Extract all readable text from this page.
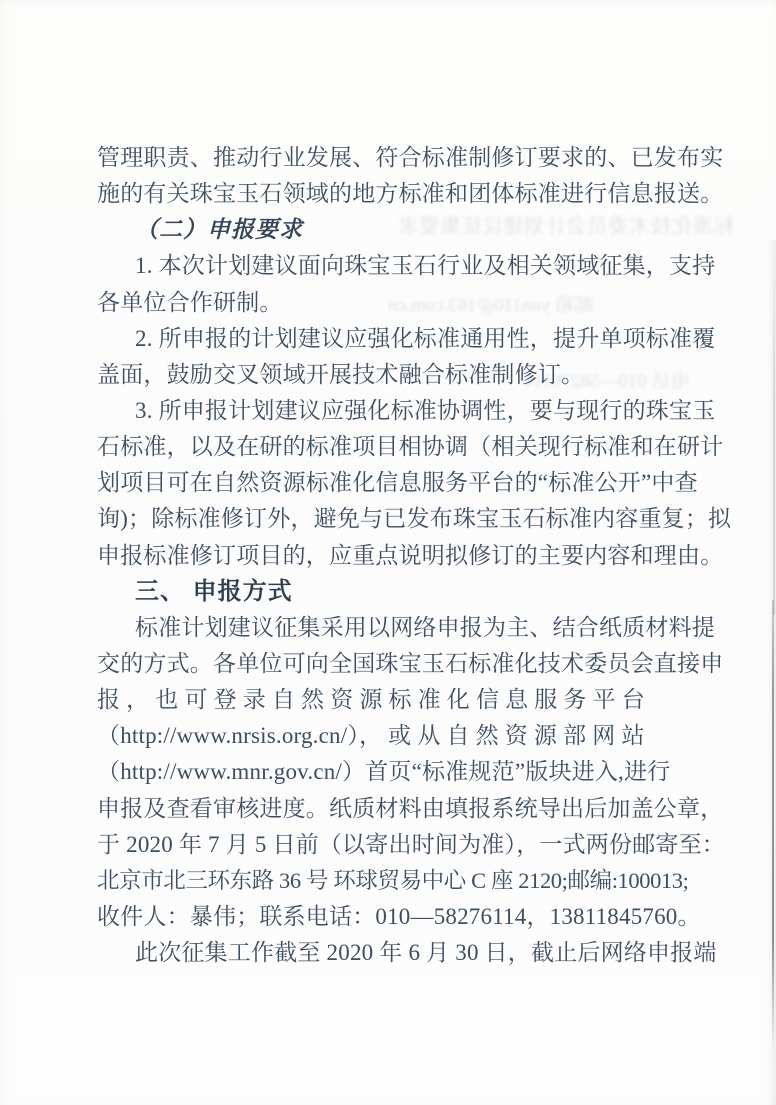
标准化技术委员会计划建议征集要求
邮箱 yun110@163.com.cn
电话 010—58276114
管理职责、推动行业发展、符合标准制修订要求的、已发布实
施的有关珠宝玉石领域的地方标准和团体标准进行信息报送。
（二）申报要求
1. 本次计划建议面向珠宝玉石行业及相关领域征集，支持
各单位合作研制。
2. 所申报的计划建议应强化标准通用性，提升单项标准覆
盖面，鼓励交叉领域开展技术融合标准制修订。
3. 所申报计划建议应强化标准协调性，要与现行的珠宝玉
石标准，以及在研的标准项目相协调（相关现行标准和在研计
划项目可在自然资源标准化信息服务平台的“标准公开”中查
询)；除标准修订外，避免与已发布珠宝玉石标准内容重复；拟
申报标准修订项目的，应重点说明拟修订的主要内容和理由。
三、 申报方式
标准计划建议征集采用以网络申报为主、结合纸质材料提
交的方式。各单位可向全国珠宝玉石标准化技术委员会直接申
报 ， 也 可 登 录 自 然 资 源 标 准 化 信 息 服 务 平 台
（http://www.nrsis.org.cn/）， 或 从 自 然 资 源 部 网 站
（http://www.mnr.gov.cn/）首页“标准规范”版块进入,进行
申报及查看审核进度。纸质材料由填报系统导出后加盖公章，
于 2020 年 7 月 5 日前（以寄出时间为准），一式两份邮寄至：
北京市北三环东路 36 号 环球贸易中心 C 座 2120;邮编:100013;
收件人：暴伟；联系电话：010—58276114，13811845760。
此次征集工作截至 2020 年 6 月 30 日，截止后网络申报端
